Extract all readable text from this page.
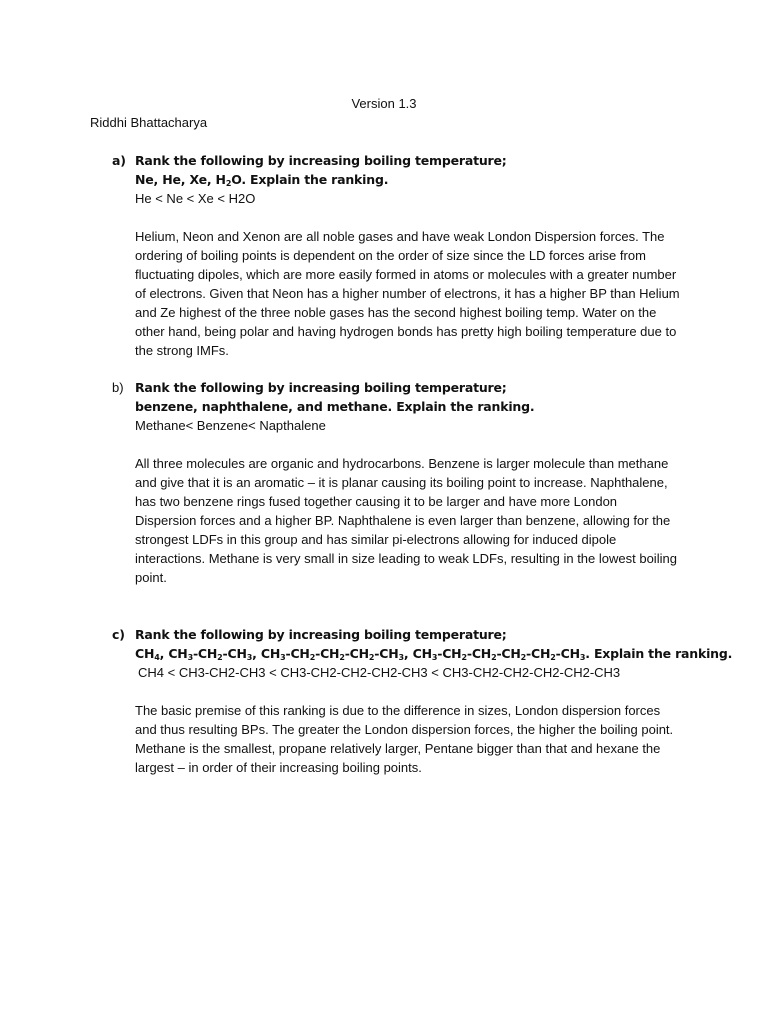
Version 1.3
Riddhi Bhattacharya
a) Rank the following by increasing boiling temperature;
Ne, He, Xe, $H_2O$. Explain the ranking.
He < Ne < Xe < H2O
Helium, Neon and Xenon are all noble gases and have weak London Dispersion forces. The ordering of boiling points is dependent on the order of size since the LD forces arise from fluctuating dipoles, which are more easily formed in atoms or molecules with a greater number of electrons. Given that Neon has a higher number of electrons, it has a higher BP than Helium and Ze highest of the three noble gases has the second highest boiling temp. Water on the other hand, being polar and having hydrogen bonds has pretty high boiling temperature due to the strong IMFs.
b) Rank the following by increasing boiling temperature;
benzene, naphthalene, and methane. Explain the ranking.
Methane< Benzene< Napthalene
All three molecules are organic and hydrocarbons. Benzene is larger molecule than methane and give that it is an aromatic – it is planar causing its boiling point to increase. Naphthalene, has two benzene rings fused together causing it to be larger and have more London Dispersion forces and a higher BP. Naphthalene is even larger than benzene, allowing for the strongest LDFs in this group and has similar pi-electrons allowing for induced dipole interactions. Methane is very small in size leading to weak LDFs, resulting in the lowest boiling point.
c) Rank the following by increasing boiling temperature;
$CH_4$, $CH_3-CH_2-CH_3$, $CH_3-CH_2-CH_2-CH_2-CH_3$, $CH_3-CH_2-CH_2-CH_2-CH_2-CH_3$. Explain the ranking.
CH4 < CH3-CH2-CH3 < CH3-CH2-CH2-CH2-CH3 < CH3-CH2-CH2-CH2-CH2-CH3
The basic premise of this ranking is due to the difference in sizes, London dispersion forces and thus resulting BPs. The greater the London dispersion forces, the higher the boiling point. Methane is the smallest, propane relatively larger, Pentane bigger than that and hexane the largest – in order of their increasing boiling points.
